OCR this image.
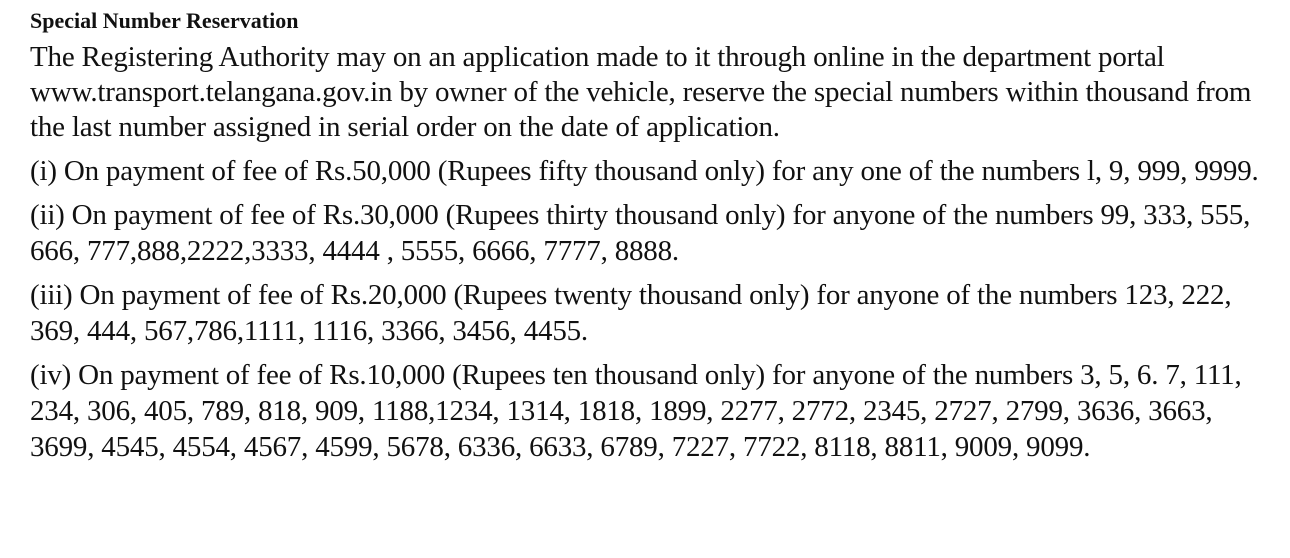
Special Number Reservation

The Registering Authority may on an application made to it through online in the department portal www.transport.telangana.gov.in by owner of the vehicle, reserve the special numbers within thousand from the last number assigned in serial order on the date of application.

(i) On payment of fee of Rs.50,000 (Rupees fifty thousand only) for any one of the numbers l, 9, 999, 9999.

(ii) On payment of fee of Rs.30,000 (Rupees thirty thousand only) for anyone of the numbers 99, 333, 555, 666, 777,888,2222,3333, 4444 , 5555, 6666, 7777, 8888.

(iii) On payment of fee of Rs.20,000 (Rupees twenty thousand only) for anyone of the numbers 123, 222, 369, 444, 567,786,1111, 1116, 3366, 3456, 4455.

(iv) On payment of fee of Rs.10,000 (Rupees ten thousand only) for anyone of the numbers 3, 5, 6. 7, 111, 234, 306, 405, 789, 818, 909, 1188,1234, 1314, 1818, 1899, 2277, 2772, 2345, 2727, 2799, 3636, 3663, 3699, 4545, 4554, 4567, 4599, 5678, 6336, 6633, 6789, 7227, 7722, 8118, 8811, 9009, 9099.
